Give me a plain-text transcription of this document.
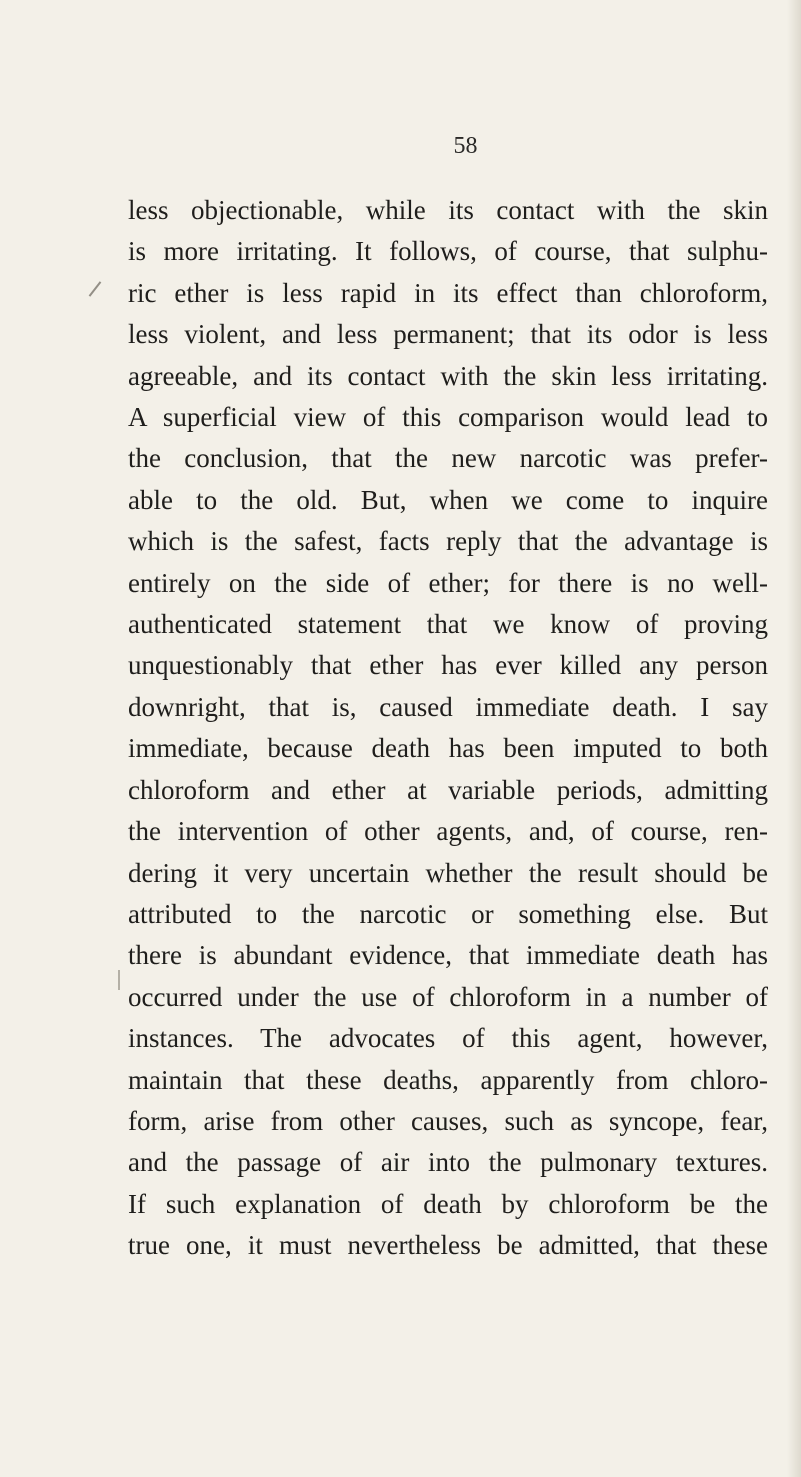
58
less objectionable, while its contact with the skin
is more irritating. It follows, of course, that sulphu-
ric ether is less rapid in its effect than chloroform,
less violent, and less permanent; that its odor is less
agreeable, and its contact with the skin less irritating.
A superficial view of this comparison would lead to
the conclusion, that the new narcotic was prefer-
able to the old. But, when we come to inquire
which is the safest, facts reply that the advantage is
entirely on the side of ether; for there is no well-
authenticated statement that we know of proving
unquestionably that ether has ever killed any person
downright, that is, caused immediate death. I say
immediate, because death has been imputed to both
chloroform and ether at variable periods, admitting
the intervention of other agents, and, of course, ren-
dering it very uncertain whether the result should be
attributed to the narcotic or something else. But
there is abundant evidence, that immediate death has
occurred under the use of chloroform in a number of
instances. The advocates of this agent, however,
maintain that these deaths, apparently from chloro-
form, arise from other causes, such as syncope, fear,
and the passage of air into the pulmonary textures.
If such explanation of death by chloroform be the
true one, it must nevertheless be admitted, that these
